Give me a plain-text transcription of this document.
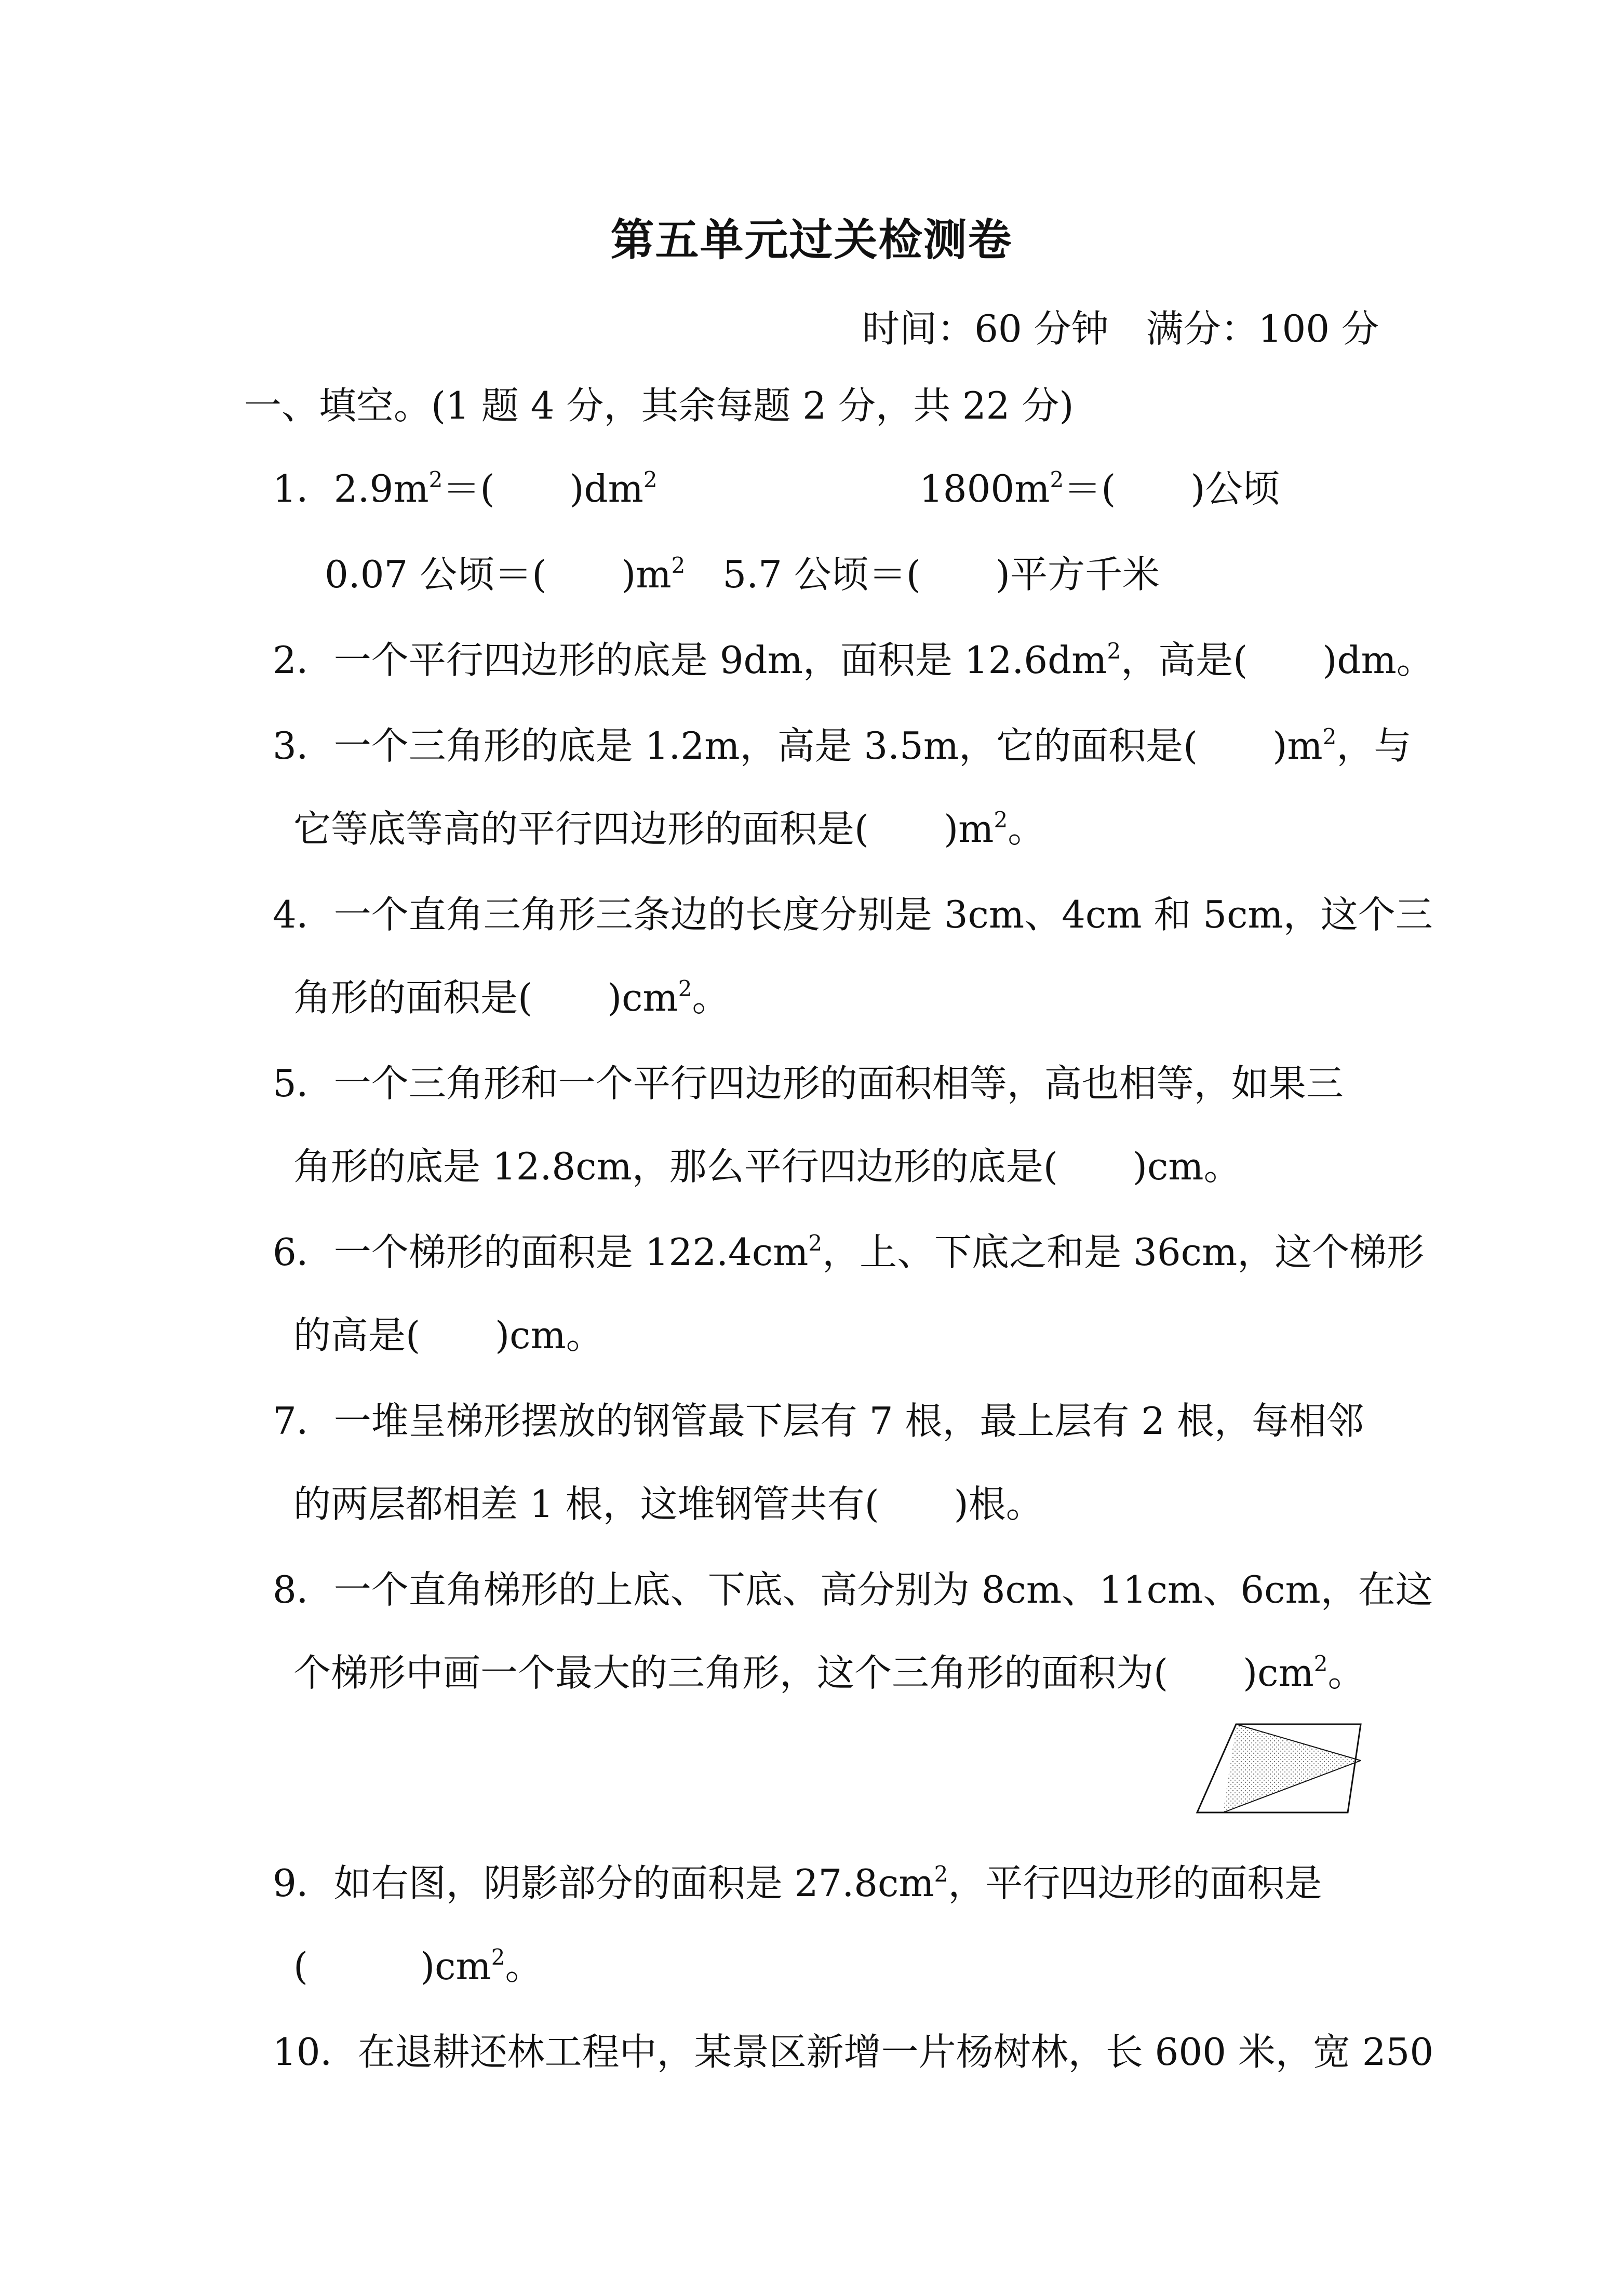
第五单元过关检测卷
时间：60 分钟　 满分：100 分
一、填空。(1 题 4 分，其余每题 2 分，共 22 分)
1．$2.9m^2=$(　　)$dm^2$	$1800m^2=$(　　)公顷
0.07 公顷＝(　　)$m^2$　5.7 公顷＝(　　)平方千米
2．一个平行四边形的底是 9dm，面积是 $12.6dm^2$，高是(　　)dm。
3．一个三角形的底是 1.2m，高是 3.5m，它的面积是(　　)$m^2$，与
它等底等高的平行四边形的面积是(　　)$m^2$。
4．一个直角三角形三条边的长度分别是 3cm、4cm 和 5cm，这个三
角形的面积是(　　)$cm^2$。
5．一个三角形和一个平行四边形的面积相等，高也相等，如果三
角形的底是 12.8cm，那么平行四边形的底是(　　)cm。
6．一个梯形的面积是 $122.4cm^2$，上、下底之和是 36cm，这个梯形
的高是(　　)cm。
7．一堆呈梯形摆放的钢管最下层有 7 根，最上层有 2 根，每相邻
的两层都相差 1 根，这堆钢管共有(　　)根。
8．一个直角梯形的上底、下底、高分别为 8cm、11cm、6cm，在这
个梯形中画一个最大的三角形，这个三角形的面积为(　　)$cm^2$。
9．如右图，阴影部分的面积是 $27.8cm^2$，平行四边形的面积是
(　　　)$cm^2$。
10．在退耕还林工程中，某景区新增一片杨树林，长 600 米，宽 250
